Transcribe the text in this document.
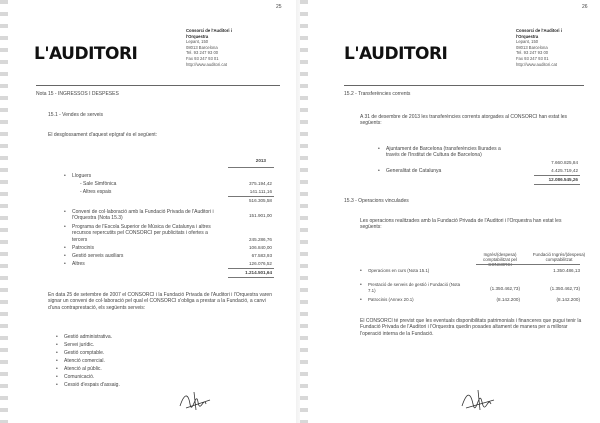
25
L'AUDITORI
Consorci de l'Auditori i
l'Orquestra
Lepant, 150
08013 Barcelona
Tel. 93 247 93 00
Fax 93 247 93 01
http://www.auditori.cat
Nota 15 - INGRESSOS I DESPESES
15.1 - Vendes de serveis
El desglossament d'aquest epígraf és el següent:
2013
• Lloguers
- Sale Simfònica	375.194,42
- Altres espais	141.111,16
516.305,58
• Conveni de col·laboració amb la Fundació Privada de l'Auditori i l'Orquestra (Nota 15.3)	151.901,00
• Programa de l'Escola Superior de Música de Catalunya i altres recursos repercutits pel CONSORCI per publicitats i ofertes a tercers	245.286,76
• Patrocinis	106.840,00
• Gestió serveis auxiliars	67.583,93
• Altres	126.076,52
1.214.501,64
En data 25 de setembre de 2007 el CONSORCI i la Fundació Privada de l'Auditori i l'Orquestra varen signar un conveni de col·laboració pel qual el CONSORCI s'obliga a prestar a la Fundació, a canvi d'una contraprestació, els següents serveis:
• Gestió administrativa.
• Servei jurídic.
• Gestió comptable.
• Atenció comercial.
• Atenció al públic.
• Comunicació.
• Cessió d'espais d'assaig.
26
L'AUDITORI
Consorci de l'Auditori i
l'Orquestra
Lepant, 150
08013 Barcelona
Tel. 93 247 93 00
Fax 93 247 93 01
http://www.auditori.cat
15.2 - Transferències corrents
A 31 de desembre de 2013 les transferències corrents atorgades al CONSORCI han estat les següents:
• Ajuntament de Barcelona (transferències lliurades a través de l'Institut de Cultura de Barcelona)
7.660.825,84
• Generalitat de Catalunya	4.425.719,42
12.086.545,26
15.3 - Operacions vinculades
Les operacions realitzades amb la Fundació Privada de l'Auditori i l'Orquestra han estat les següents:
Ingrés/(despesa) comptabilitzat pel CONSORCI
Fundació Ingrés/(despesa) comptabilitzat
• Operacions en curs (Nota 15.1)	1.350.486,13
• Prestació de serveis de gestió i Fundació (Nota 7.1)	(1.350.462,73)	(1.350.462,73)
• Patrocinis (Annex 20.1)	(8.142.200)	(8.142.200)
El CONSORCI té previst que les eventuals disponibilitats patrimonials i financeres que pugui tenir la Fundació Privada de l'Auditori i l'Orquestra quedin posades altament de manera per a millorar l'operació interna de la Fundació.
